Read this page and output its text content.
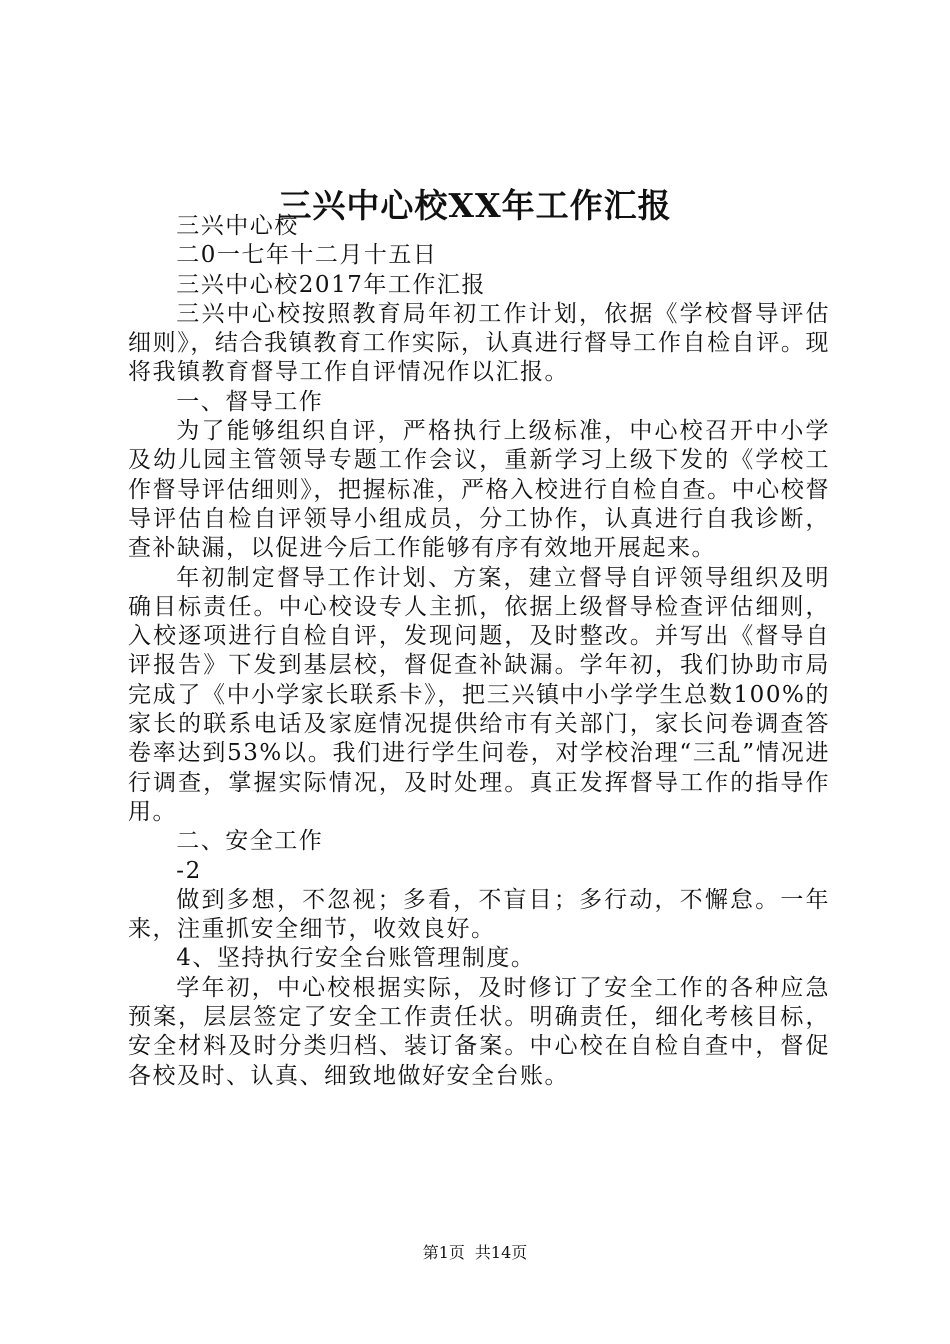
三兴中心校XX年工作汇报

三兴中心校

二0一七年十二月十五日

三兴中心校2017年工作汇报

三兴中心校按照教育局年初工作计划，依据《学校督导评估细则》，结合我镇教育工作实际，认真进行督导工作自检自评。现将我镇教育督导工作自评情况作以汇报。

一、督导工作

为了能够组织自评，严格执行上级标准，中心校召开中小学及幼儿园主管领导专题工作会议，重新学习上级下发的《学校工作督导评估细则》，把握标准，严格入校进行自检自查。中心校督导评估自检自评领导小组成员，分工协作，认真进行自我诊断，查补缺漏，以促进今后工作能够有序有效地开展起来。

年初制定督导工作计划、方案，建立督导自评领导组织及明确目标责任。中心校设专人主抓，依据上级督导检查评估细则，入校逐项进行自检自评，发现问题，及时整改。并写出《督导自评报告》下发到基层校，督促查补缺漏。学年初，我们协助市局完成了《中小学家长联系卡》，把三兴镇中小学学生总数100%的家长的联系电话及家庭情况提供给市有关部门，家长问卷调查答卷率达到53%以。我们进行学生问卷，对学校治理“三乱”情况进行调查，掌握实际情况，及时处理。真正发挥督导工作的指导作用。

二、安全工作

-2

做到多想，不忽视；多看，不盲目；多行动，不懈怠。一年来，注重抓安全细节，收效良好。

4、坚持执行安全台账管理制度。

学年初，中心校根据实际，及时修订了安全工作的各种应急预案，层层签定了安全工作责任状。明确责任，细化考核目标，安全材料及时分类归档、装订备案。中心校在自检自查中，督促各校及时、认真、细致地做好安全台账。

第1页 共14页
